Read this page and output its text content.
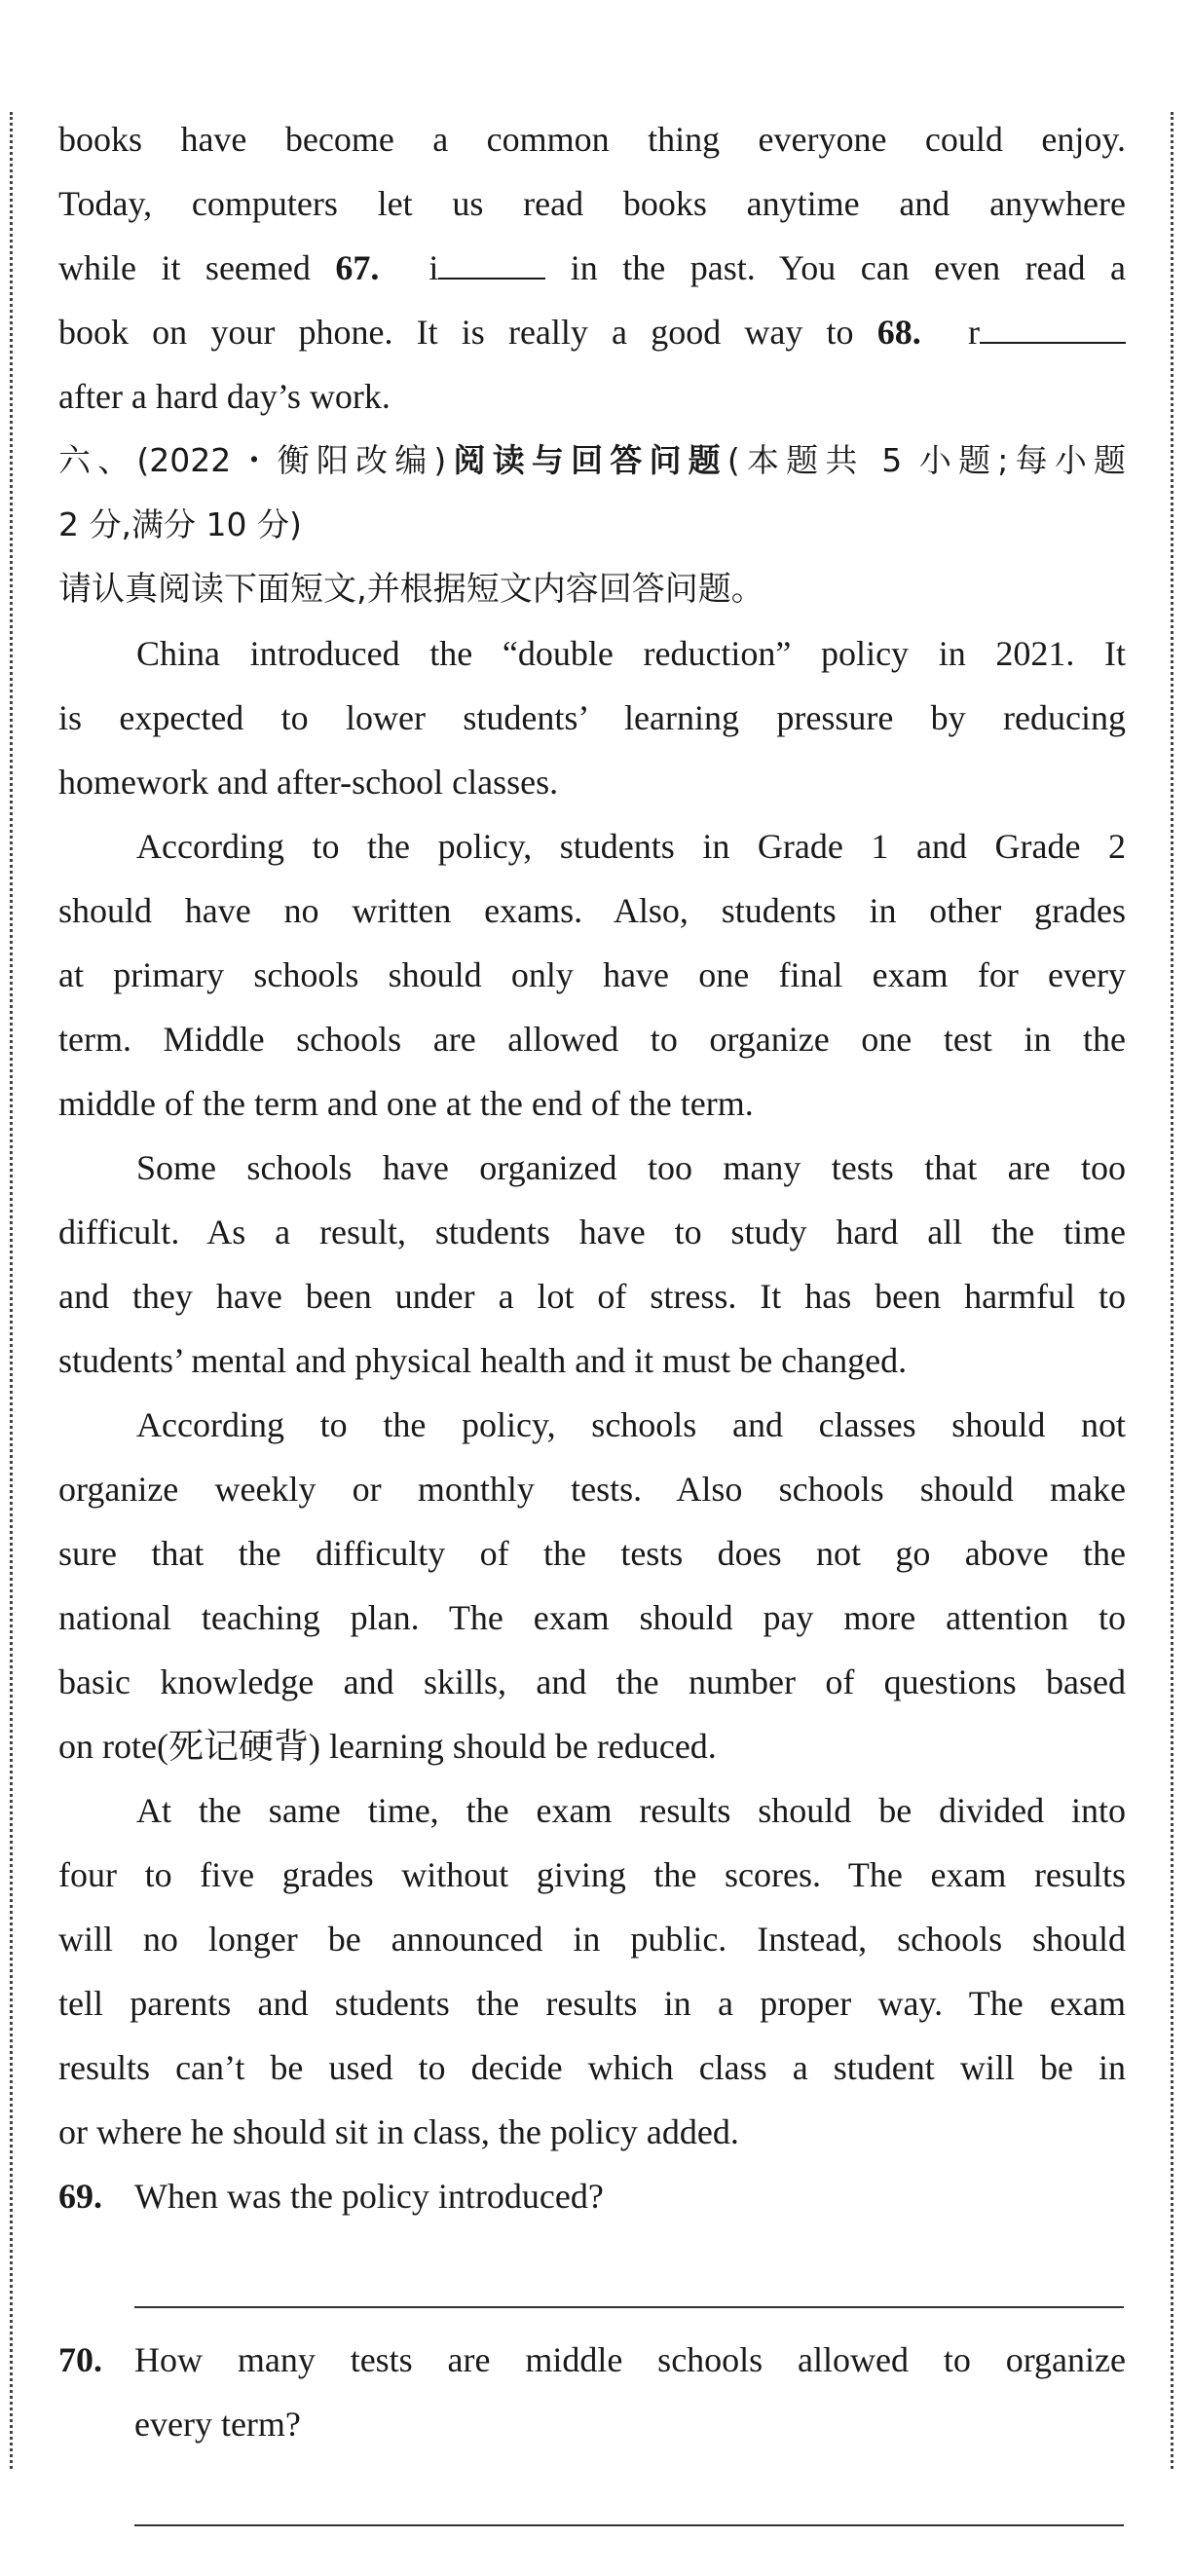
books have become a common thing everyone could enjoy.
Today, computers let us read books anytime and anywhere
while it seemed 67. i	in the past. You can even read a
book on your phone. It is really a good way to 68. r
after a hard day’s work.
六、(2022・衡阳改编)阅读与回答问题(本题共 5 小题;每小题
2 分,满分 10 分)
请认真阅读下面短文,并根据短文内容回答问题。
China introduced the “double reduction” policy in 2021. It
is expected to lower students’ learning pressure by reducing
homework and after-school classes.
According to the policy, students in Grade 1 and Grade 2
should have no written exams. Also, students in other grades
at primary schools should only have one final exam for every
term. Middle schools are allowed to organize one test in the
middle of the term and one at the end of the term.
Some schools have organized too many tests that are too
difficult. As a result, students have to study hard all the time
and they have been under a lot of stress. It has been harmful to
students’ mental and physical health and it must be changed.
According to the policy, schools and classes should not
organize weekly or monthly tests. Also schools should make
sure that the difficulty of the tests does not go above the
national teaching plan. The exam should pay more attention to
basic knowledge and skills, and the number of questions based
on rote(死记硬背) learning should be reduced.
At the same time, the exam results should be divided into
four to five grades without giving the scores. The exam results
will no longer be announced in public. Instead, schools should
tell parents and students the results in a proper way. The exam
results can’t be used to decide which class a student will be in
or where he should sit in class, the policy added.
69. When was the policy introduced?
70. How many tests are middle schools allowed to organize
every term?
